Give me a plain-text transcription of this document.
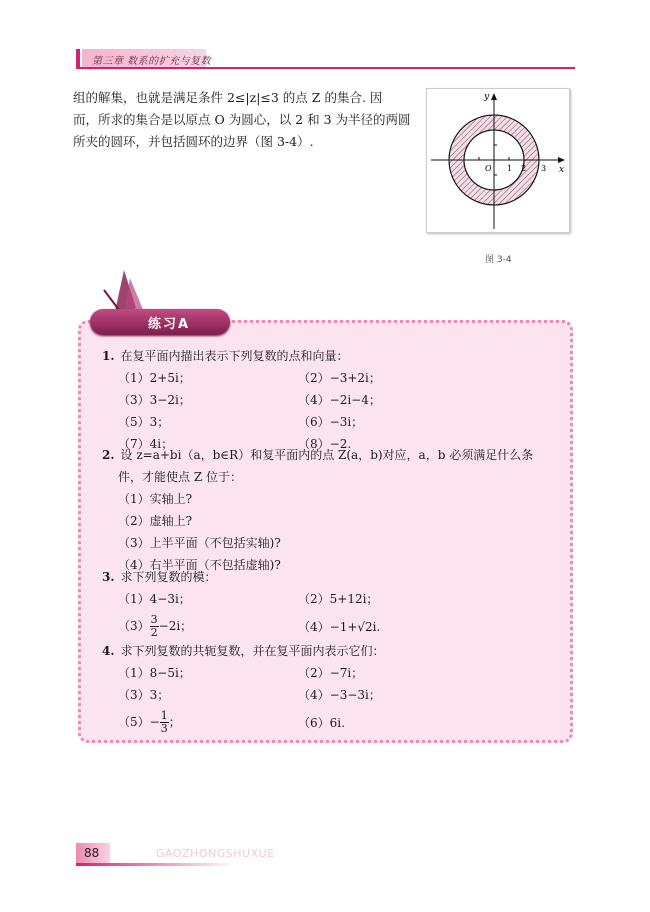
第三章 数系的扩充与复数

组的解集，也就是满足条件 2≤|z|≤3 的点 Z 的集合. 因

而，所求的集合是以原点 O 为圆心，以 2 和 3 为半径的两圆

所夹的圆环，并包括圆环的边界（图 3-4）.

y
x
O 1 2 3
图 3-4
练习A
1. 在复平面内描出表示下列复数的点和向量：
（1）2+5i；	（2）−3+2i；
（3）3−2i；	（4）−2i−4；
（5）3；	（6）−3i；
（7）4i；	（8）−2.
2. 设 z=a+bi（a，b∈R）和复平面内的点 Z(a，b)对应，a，b 必须满足什么条
件，才能使点 Z 位于：
（1）实轴上?
（2）虚轴上?
（3）上半平面（不包括实轴)?
（4）右半平面（不包括虚轴)?
3. 求下列复数的模：
（1）4−3i；	（2）5+12i；
$(3) \frac{3}{2} -2i$；	（4）−1+√2i.
4. 求下列复数的共轭复数，并在复平面内表示它们：
（1）8−5i；	（2）−7i；
（3）3；	（4）−3−3i；
$(5)- \frac{1}{3}$ ；	（6）6i.
88	GAOZHONGSHUXUE
